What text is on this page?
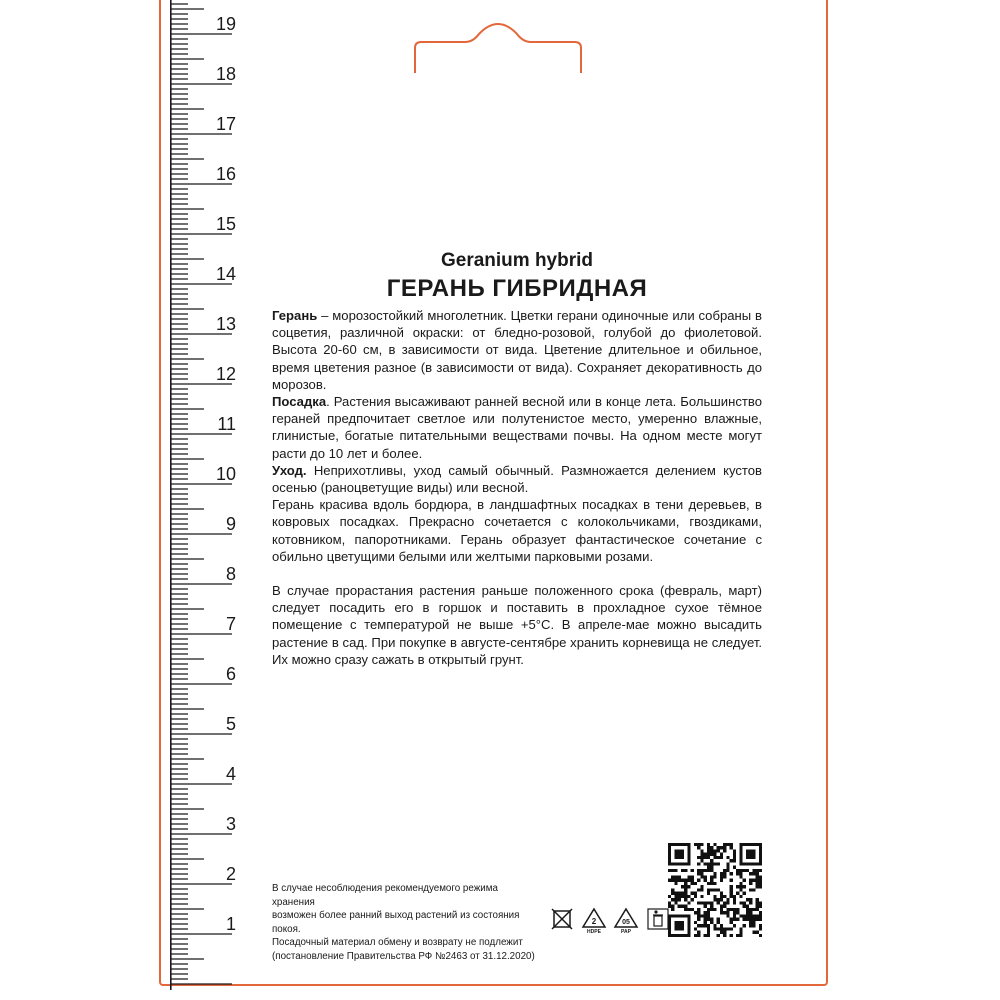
19
18
17
16
15
14
13
12
11
10
9
8
7
6
5
4
3
2
1
Geranium hybrid
ГЕРАНЬ ГИБРИДНАЯ

Герань – морозостойкий многолетник. Цветки герани одиночные или собраны в соцветия, различной окраски: от бледно-розовой, голубой до фиолетовой. Высота 20-60 см, в зависимости от вида. Цветение длительное и обильное, время цветения разное (в зависимости от вида). Сохраняет декоративность до морозов.

Посадка. Растения высаживают ранней весной или в конце лета. Большинство гераней предпочитает светлое или полутенистое место, умеренно влажные, глинистые, богатые питательными веществами почвы. На одном месте могут расти до 10 лет и более.

Уход. Неприхотливы, уход самый обычный. Размножается делением кустов осенью (раноцветущие виды) или весной.

Герань красива вдоль бордюра, в ландшафтных посадках в тени деревьев, в ковровых посадках. Прекрасно сочетается с колокольчиками, гвоздиками, котовником, папоротниками. Герань образует фантастическое сочетание с обильно цветущими белыми или желтыми парковыми розами.

В случае прорастания растения раньше положенного срока (февраль, март) следует посадить его в горшок и поставить в прохладное сухое тёмное помещение с температурой не выше +5°С. В апреле-мае можно высадить растение в сад. При покупке в августе-сентябре хранить корневища не следует. Их можно сразу сажать в открытый грунт.

В случае несоблюдения рекомендуемого режима хранения
возможен более ранний выход растений из состояния покоя.
Посадочный материал обмену и возврату не подлежит
(постановление Правительства РФ №2463 от 31.12.2020)
2
HDPE
05
PAP
